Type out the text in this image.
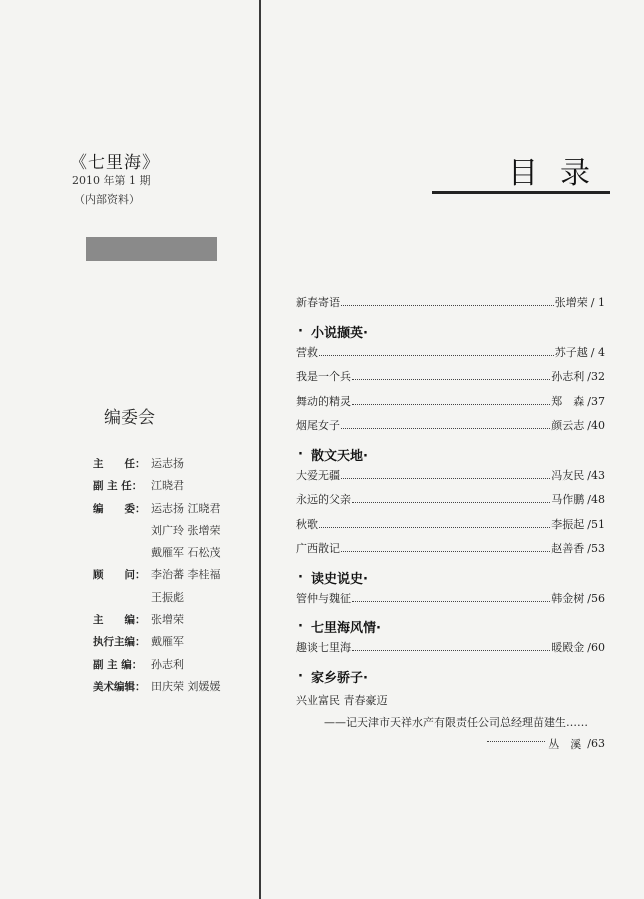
《七里海》
2010 年第 1 期
（内部资料）
目录
编委会
主　　任： 运志扬
副 主 任： 江晓君
编　　委： 运志扬 江晓君
刘广玲 张增荣
戴雁军 石松茂
顾　　问： 李治蕃 李桂福
王振彪
主　　编： 张增荣
执行主编： 戴雁军
副 主 编： 孙志利
美术编辑： 田庆荣 刘媛媛
新春寄语	张增荣 / 1
· 小说撷英·
营救	苏子越 / 4
我是一个兵	孙志利 /32
舞动的精灵	郑　森 /37
烟尾女子	颜云志 /40
· 散文天地·
大爱无疆	冯友民 /43
永远的父亲	马作鹏 /48
秋歌	李振起 /51
广西散记	赵善香 /53
· 读史说史·
管仲与魏征	韩金树 /56
· 七里海风情·
趣谈七里海	暖殿金 /60
· 家乡骄子·
兴业富民 青春豪迈
——记天津市天祥水产有限责任公司总经理苗建生……
丛　溪 /63
